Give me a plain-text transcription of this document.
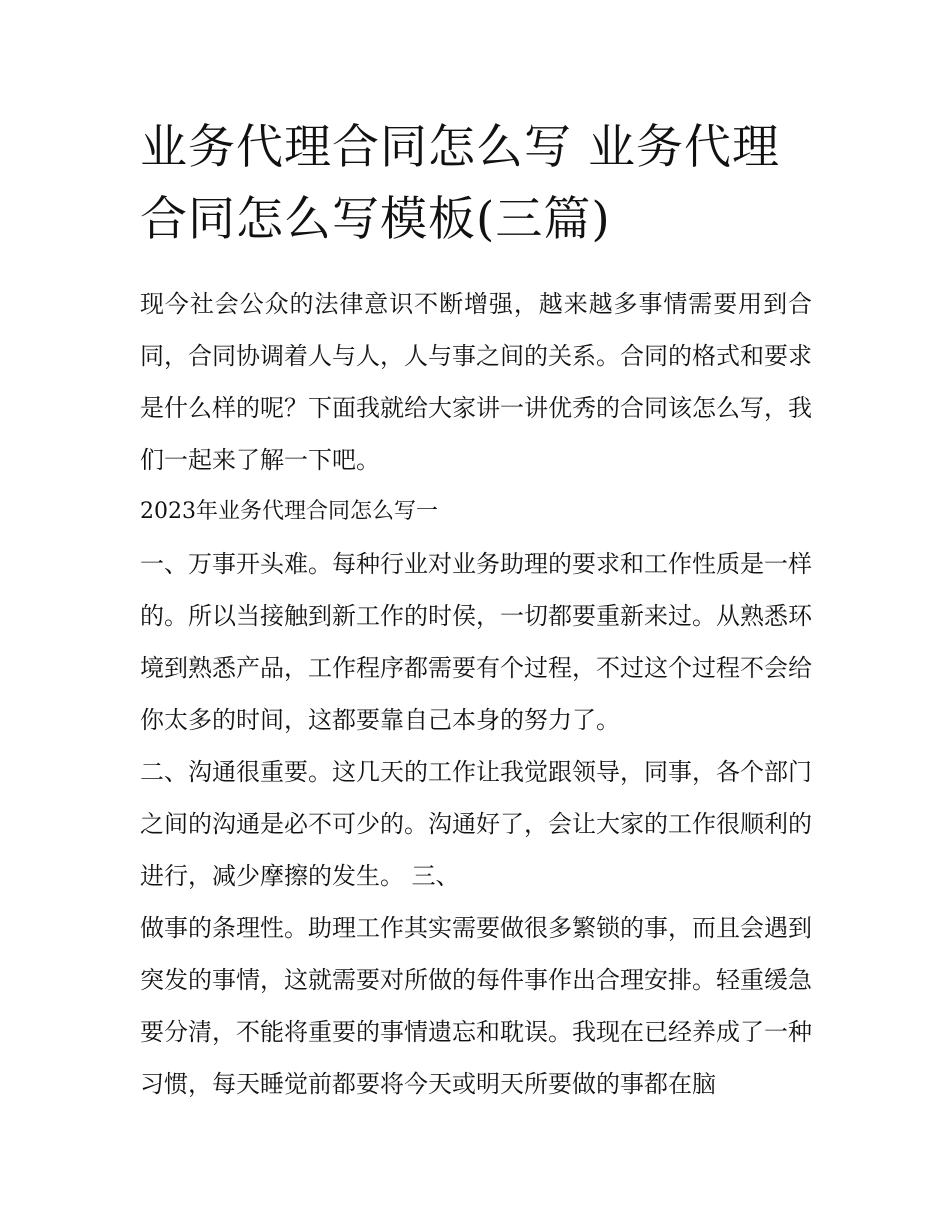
业务代理合同怎么写 业务代理合同怎么写模板(三篇)

现今社会公众的法律意识不断增强，越来越多事情需要用到合同，合同协调着人与人，人与事之间的关系。合同的格式和要求是什么样的呢？下面我就给大家讲一讲优秀的合同该怎么写，我们一起来了解一下吧。

2023年业务代理合同怎么写一

一、万事开头难。每种行业对业务助理的要求和工作性质是一样的。所以当接触到新工作的时侯，一切都要重新来过。从熟悉环境到熟悉产品，工作程序都需要有个过程，不过这个过程不会给你太多的时间，这都要靠自己本身的努力了。

二、沟通很重要。这几天的工作让我觉跟领导，同事，各个部门之间的沟通是必不可少的。沟通好了，会让大家的工作很顺利的进行，减少摩擦的发生。 三、

做事的条理性。助理工作其实需要做很多繁锁的事，而且会遇到突发的事情，这就需要对所做的每件事作出合理安排。轻重缓急要分清，不能将重要的事情遗忘和耽误。我现在已经养成了一种习惯，每天睡觉前都要将今天或明天所要做的事都在脑
